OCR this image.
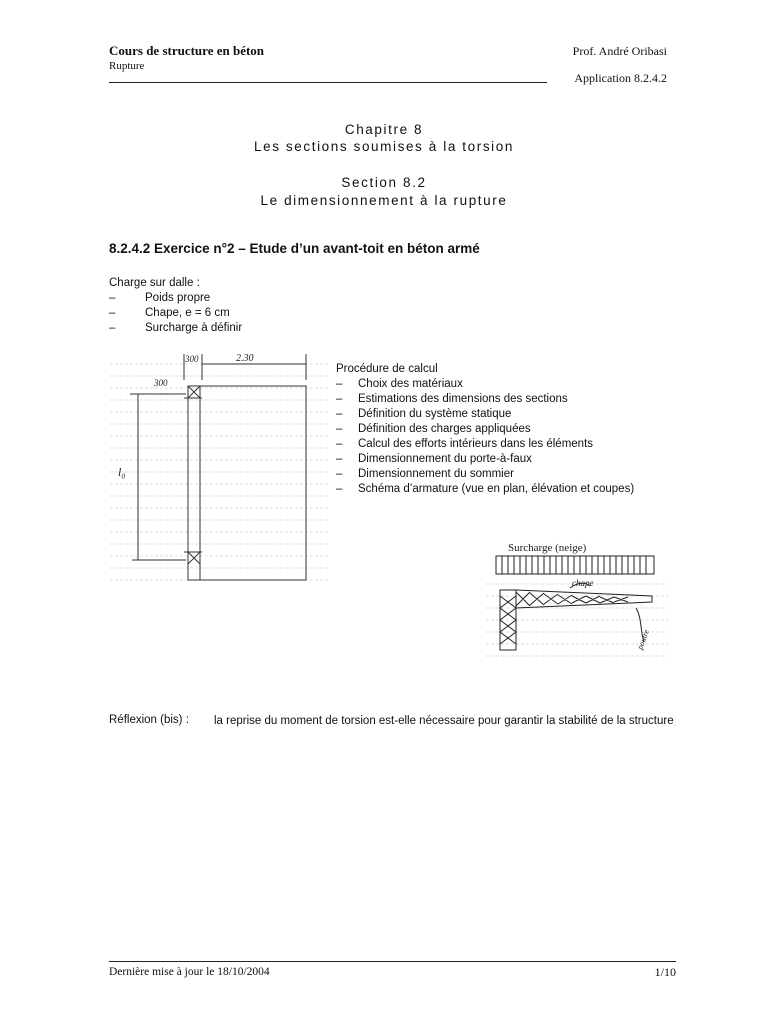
Cours de structure en béton
Rupture
Prof. André Oribasi
Application 8.2.4.2
Chapitre 8
Les sections soumises à la torsion
Section 8.2
Le dimensionnement à la rupture
8.2.4.2 Exercice n°2 – Etude d’un avant-toit en béton armé
Charge sur dalle :
– Poids propre
– Chape, e = 6 cm
– Surcharge à définir
300	2.30
300
l₀
Procédure de calcul
– Choix des matériaux
– Estimations des dimensions des sections
– Définition du système statique
– Définition des charges appliquées
– Calcul des efforts intérieurs dans les éléments
– Dimensionnement du porte-à-faux
– Dimensionnement du sommier
– Schéma d’armature (vue en plan, élévation et coupes)
Surcharge (neige)
chape
poutre
Réflexion (bis) : la reprise du moment de torsion est-elle nécessaire pour garantir la stabilité de la structure
Dernière mise à jour le 18/10/2004	1/10
